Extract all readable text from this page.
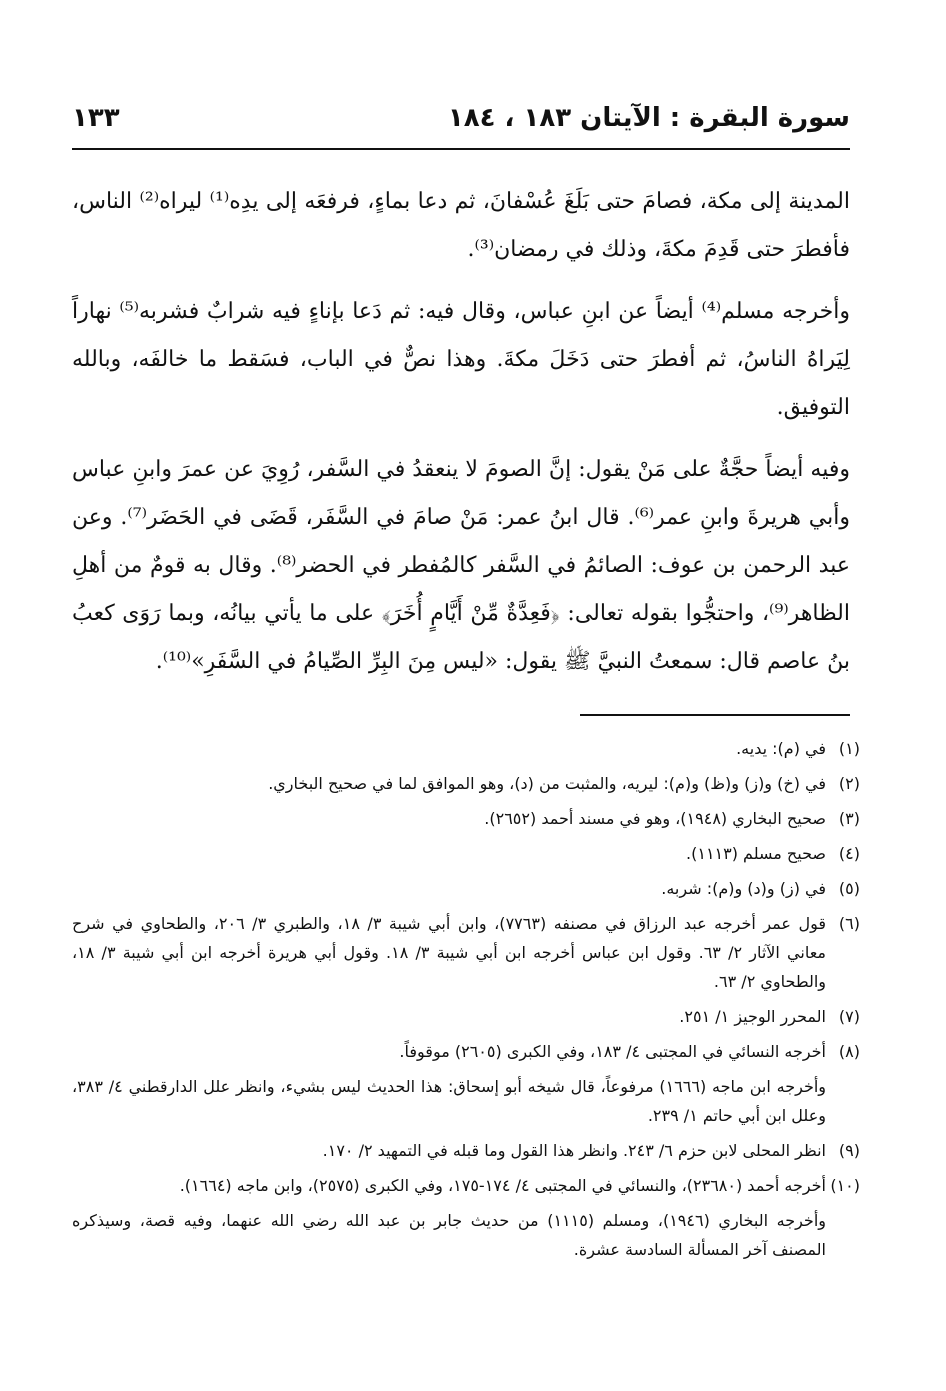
سورة البقرة : الآيتان ١٨٣ ، ١٨٤
١٣٣

المدينة إلى مكة، فصامَ حتى بَلَغَ عُسْفانَ، ثم دعا بماءٍ، فرفعَه إلى يدِه⁽¹⁾ ليراه⁽²⁾ الناس، فأفطرَ حتى قَدِمَ مكةَ، وذلك في رمضان⁽³⁾.

وأخرجه مسلم⁽⁴⁾ أيضاً عن ابنِ عباس، وقال فيه: ثم دَعا بإناءٍ فيه شرابٌ فشربه⁽⁵⁾ نهاراً لِيَراهُ الناسُ، ثم أفطرَ حتى دَخَلَ مكةَ. وهذا نصٌّ في الباب، فسَقط ما خالفَه، وبالله التوفيق.

وفيه أيضاً حجَّةٌ على مَنْ يقول: إنَّ الصومَ لا ينعقدُ في السَّفر، رُوِيَ عن عمرَ وابنِ عباس وأبي هريرةَ وابنِ عمر⁽⁶⁾. قال ابنُ عمر: مَنْ صامَ في السَّفَر، قَضَى في الحَضَر⁽⁷⁾. وعن عبد الرحمن بن عوف: الصائمُ في السَّفر كالمُفطر في الحضر⁽⁸⁾. وقال به قومٌ من أهلِ الظاهر⁽⁹⁾، واحتجُّوا بقوله تعالى: ﴿فَعِدَّةٌ مِّنْ أَيَّامٍ أُخَرَ﴾ على ما يأتي بيانُه، وبما رَوَى كعبُ بنُ عاصم قال: سمعتُ النبيَّ ﷺ يقول: «ليس مِنَ البِرِّ الصِّيامُ في السَّفَرِ»⁽¹⁰⁾.

(١)
في (م): يديه.
(٢)
في (خ) و(ز) و(ظ) و(م): ليريه، والمثبت من (د)، وهو الموافق لما في صحيح البخاري.
(٣)
صحيح البخاري (١٩٤٨)، وهو في مسند أحمد (٢٦٥٢).
(٤)
صحيح مسلم (١١١٣).
(٥)
في (ز) و(د) و(م): شربه.
(٦)
قول عمر أخرجه عبد الرزاق في مصنفه (٧٧٦٣)، وابن أبي شيبة ٣/ ١٨، والطبري ٣/ ٢٠٦، والطحاوي في شرح معاني الآثار ٢/ ٦٣. وقول ابن عباس أخرجه ابن أبي شيبة ٣/ ١٨. وقول أبي هريرة أخرجه ابن أبي شيبة ٣/ ١٨، والطحاوي ٢/ ٦٣.
(٧)
المحرر الوجيز ١/ ٢٥١.
(٨)
أخرجه النسائي في المجتبى ٤/ ١٨٣، وفي الكبرى (٢٦٠٥) موقوفاً.
وأخرجه ابن ماجه (١٦٦٦) مرفوعاً، قال شيخه أبو إسحاق: هذا الحديث ليس بشيء، وانظر علل الدارقطني ٤/ ٣٨٣، وعلل ابن أبي حاتم ١/ ٢٣٩.
(٩)
انظر المحلى لابن حزم ٦/ ٢٤٣. وانظر هذا القول وما قبله في التمهيد ٢/ ١٧٠.
(١٠)
أخرجه أحمد (٢٣٦٨٠)، والنسائي في المجتبى ٤/ ١٧٤-١٧٥، وفي الكبرى (٢٥٧٥)، وابن ماجه (١٦٦٤).
وأخرجه البخاري (١٩٤٦)، ومسلم (١١١٥) من حديث جابر بن عبد الله رضي الله عنهما، وفيه قصة، وسيذكره المصنف آخر المسألة السادسة عشرة.
